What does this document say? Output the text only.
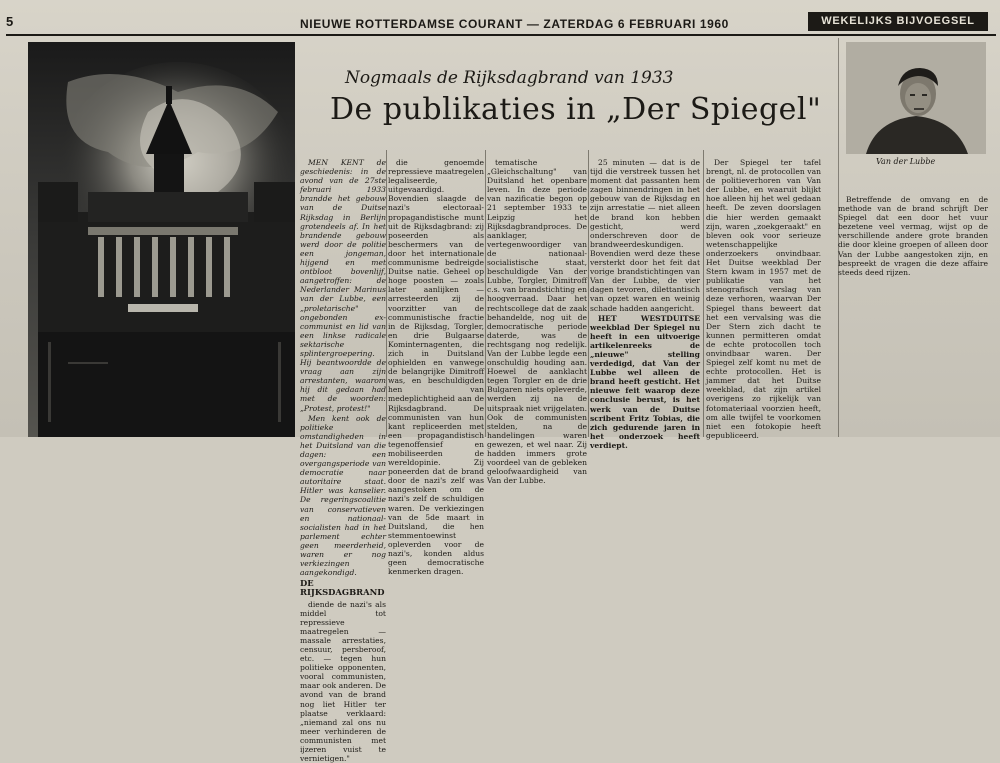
5	NIEUWE ROTTERDAMSE COURANT — ZATERDAG 6 FEBRUARI 1960	WEKELIJKS BIJVOEGSEL
Nogmaals de Rijksdagbrand van 1933
De publikaties in „Der Spiegel"

MEN KENT de geschiedenis: in de avond van de 27ste februari 1933 brandde het gebouw van de Duitse Rijksdag in Berlijn grotendeels af. In het brandende gebouw werd door de politie een jongeman, hijgend en met ontbloot bovenlijf, aangetroffen: de Nederlander Marinus van der Lubbe, een „proletarische" ongebonden ex-communist en lid van een linkse radicale sektarische splintergroepering. Hij beantwoordde de vraag aan zijn arrestanten, waarom hij dit gedaan had met de woorden: „Protest, protest!"

Men kent ook de politieke omstandigheden in het Duitsland van die dagen: een overgangsperiode van democratie naar autoritaire staat. Hitler was kanselier. De regeringscoalitie van conservatieven en nationaal-socialisten had in het parlement echter geen meerderheid, waren er nog verkiezingen aangekondigd.

DE RIJKSDAGBRAND

diende de nazi's als middel tot repressieve maatregelen — massale arrestaties, censuur, persberoof, etc. — tegen hun politieke opponenten, vooral communisten, maar ook anderen. De avond van de brand nog liet Hitler ter plaatse verklaard: „niemand zal ons nu meer verhinderen de communisten met ijzeren vuist te vernietigen."

die genoemde repressieve maatregelen legaliseerde, uitgevaardigd. Bovendien slaagde de nazi's electoraal-propagandistische munt uit de Rijksdagbrand: zij poseerden als beschermers van de door het internationale communisme bedreigde Duitse natie. Geheel op hoge poosten — zoals later aanlijken — arresteerden zij de voorzitter van de communistische fractie in de Rijksdag, Torgler, en drie Bulgaarse Kominternagenten, die zich in Duitsland ophielden en vanwege de belangrijke Dimitroff was, en beschuldigden hen van medeplichtigheid aan de Rijksdagbrand. De communisten van hun kant repliceerden met een propagandistisch tegenoffensief en mobiliseerden de wereldopinie. Zij poneerden dat de brand door de nazi's zelf was aangestoken om de nazi's zelf de schuldigen waren. De verkiezingen van de 5de maart in Duitsland, die hen stemmentoewinst opleverden voor de nazi's, konden aldus geen democratische kenmerken dragen.

tematische „Gleichschaltung" van Duitsland het openbare leven. In deze periode van nazificatie begon op 21 september 1933 te Leipzig het Rijksdagbrandproces. De aanklager, vertegenwoordiger van de nationaal-socialistische staat, beschuldigde Van der Lubbe, Torgler, Dimitroff c.s. van brandstichting en hoogverraad. Daar het rechtscollege dat de zaak behandelde, nog uit de democratische periode daterde, was de rechtsgang nog redelijk. Van der Lubbe legde een onschuldig houding aan. Hoewel de aanklacht tegen Torgler en de drie Bulgaren niets opleverde, werden zij na de uitspraak niet vrijgelaten. Ook de communisten stelden, na de handelingen waren gewezen, et wel naar. Zij hadden immers grote voordeel van de gebleken geloofwaardigheid van Van der Lubbe.

25 minuten — dat is de tijd die verstreek tussen het moment dat passanten hem zagen binnendringen in het gebouw van de Rijksdag en zijn arrestatie — niet alleen de brand kon hebben gesticht, werd onderschreven door de brandweerdeskundigen. Bovendien werd deze these versterkt door het feit dat vorige brandstichtingen van Van der Lubbe, de vier dagen tevoren, dilettantisch van opzet waren en weinig schade hadden aangericht.

HET WESTDUITSE weekblad Der Spiegel nu heeft in een uitvoerige artikelenreeks de „nieuwe" stelling verdedigd, dat Van der Lubbe wel alleen de brand heeft gesticht. Het nieuwe feit waarop deze conclusie berust, is het werk van de Duitse scribent Fritz Tobias, die zich gedurende jaren in het onderzoek heeft verdiept.

Der Spiegel ter tafel brengt, nl. de protocollen van de politieverhoren van Van der Lubbe, en waaruit blijkt hoe alleen hij het wel gedaan heeft. De zeven doorslagen die hier werden gemaakt zijn, waren „zoekgeraakt" en bleven ook voor serieuze wetenschappelijke onderzoekers onvindbaar. Het Duitse weekblad Der Stern kwam in 1957 met de publikatie van het stenografisch verslag van deze verhoren, waarvan Der Spiegel thans beweert dat het een vervalsing was die Der Stern zich dacht te kunnen permitteren omdat de echte protocollen toch onvindbaar waren. Der Spiegel zelf komt nu met de echte protocollen. Het is jammer dat het Duitse weekblad, dat zijn artikel overigens zo rijkelijk van fotomateriaal voorzien heeft, om alle twijfel te voorkomen niet een fotokopie heeft gepubliceerd.

Van der Lubbe

Betreffende de omvang en de methode van de brand schrijft Der Spiegel dat een door het vuur bezetene veel vermag, wijst op de verschillende andere grote branden die door kleine groepen of alleen door Van der Lubbe aangestoken zijn, en bespreekt de vragen die deze affaire steeds deed rijzen.
